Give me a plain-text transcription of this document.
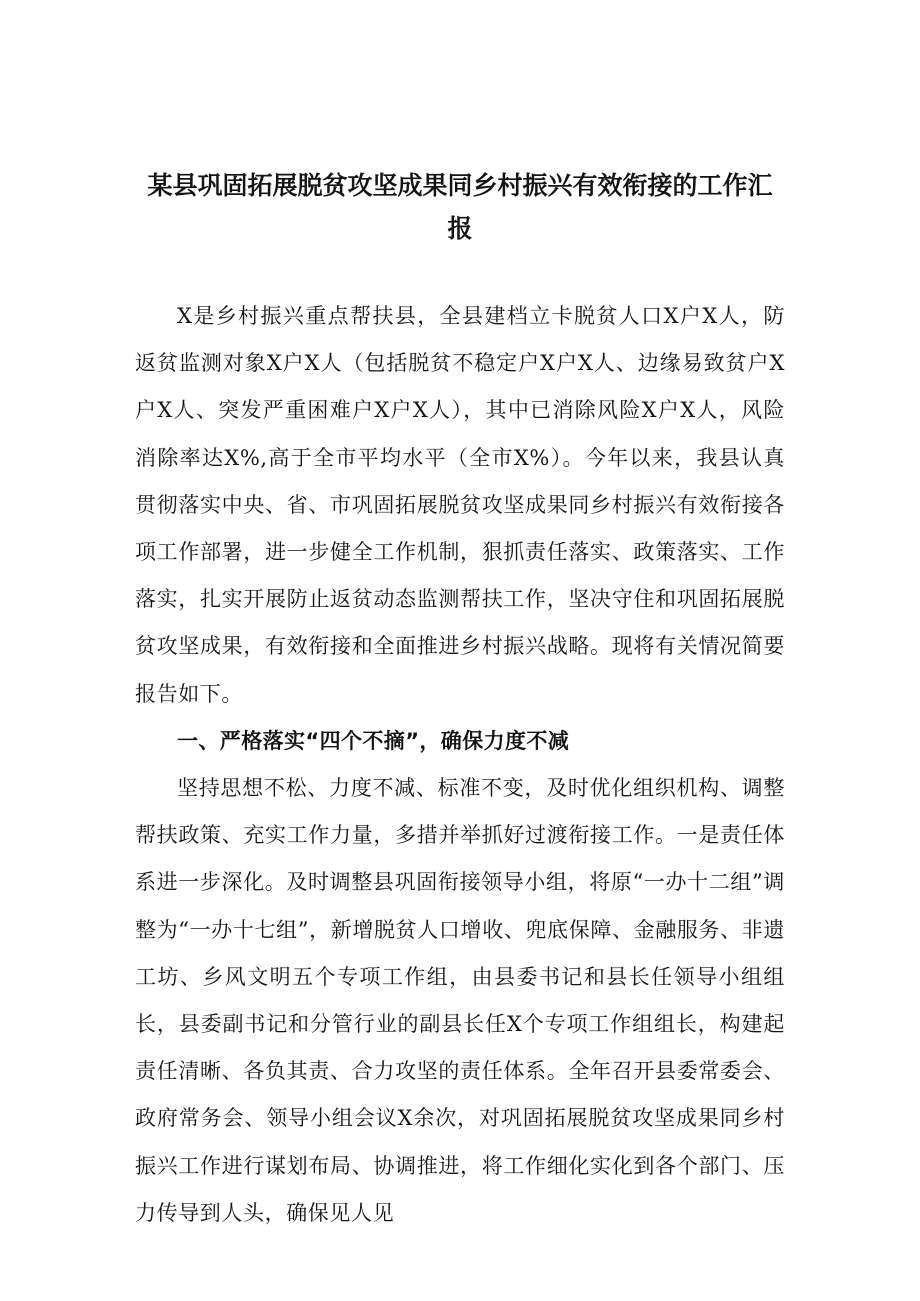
某县巩固拓展脱贫攻坚成果同乡村振兴有效衔接的工作汇
报

X是乡村振兴重点帮扶县，全县建档立卡脱贫人口X户X人，防返贫监测对象X户X人（包括脱贫不稳定户X户X人、边缘易致贫户X户X人、突发严重困难户X户X人），其中已消除风险X户X人，风险消除率达X%,高于全市平均水平（全市X%）。今年以来，我县认真贯彻落实中央、省、市巩固拓展脱贫攻坚成果同乡村振兴有效衔接各项工作部署，进一步健全工作机制，狠抓责任落实、政策落实、工作落实，扎实开展防止返贫动态监测帮扶工作，坚决守住和巩固拓展脱贫攻坚成果，有效衔接和全面推进乡村振兴战略。现将有关情况简要报告如下。

一、严格落实“四个不摘”，确保力度不减

坚持思想不松、力度不减、标准不变，及时优化组织机构、调整帮扶政策、充实工作力量，多措并举抓好过渡衔接工作。一是责任体系进一步深化。及时调整县巩固衔接领导小组，将原“一办十二组”调整为“一办十七组”，新增脱贫人口增收、兜底保障、金融服务、非遗工坊、乡风文明五个专项工作组，由县委书记和县长任领导小组组长，县委副书记和分管行业的副县长任X个专项工作组组长，构建起责任清晰、各负其责、合力攻坚的责任体系。全年召开县委常委会、政府常务会、领导小组会议X余次，对巩固拓展脱贫攻坚成果同乡村振兴工作进行谋划布局、协调推进，将工作细化实化到各个部门、压力传导到人头，确保见人见
